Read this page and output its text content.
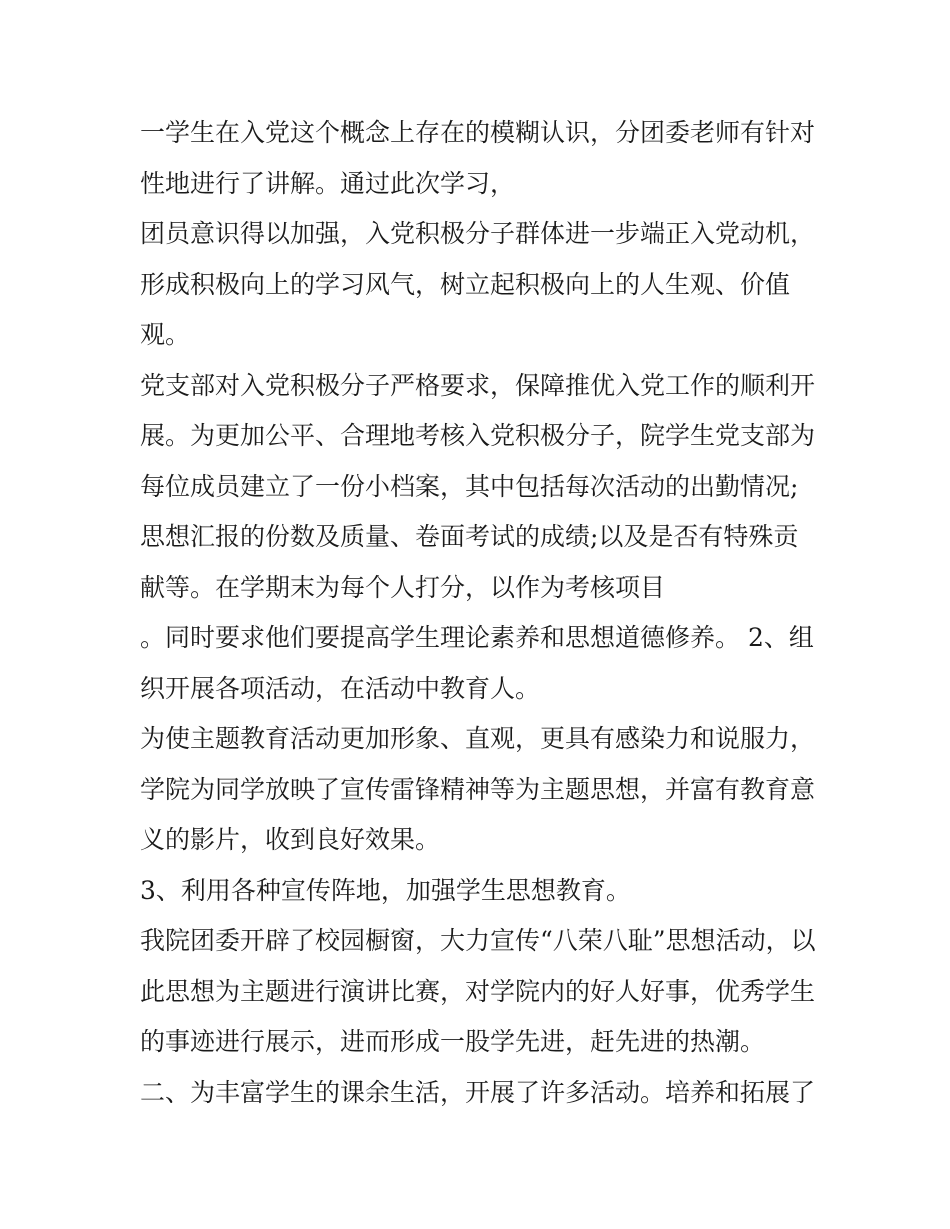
一学生在入党这个概念上存在的模糊认识，分团委老师有针对
性地进行了讲解。通过此次学习，
团员意识得以加强，入党积极分子群体进一步端正入党动机，
形成积极向上的学习风气，树立起积极向上的人生观、价值
观。
党支部对入党积极分子严格要求，保障推优入党工作的顺利开
展。为更加公平、合理地考核入党积极分子，院学生党支部为
每位成员建立了一份小档案，其中包括每次活动的出勤情况;
思想汇报的份数及质量、卷面考试的成绩;以及是否有特殊贡
献等。在学期末为每个人打分，以作为考核项目
。同时要求他们要提高学生理论素养和思想道德修养。 2、组
织开展各项活动，在活动中教育人。
为使主题教育活动更加形象、直观，更具有感染力和说服力，
学院为同学放映了宣传雷锋精神等为主题思想，并富有教育意
义的影片，收到良好效果。
3、利用各种宣传阵地，加强学生思想教育。
我院团委开辟了校园橱窗，大力宣传“八荣八耻”思想活动，以
此思想为主题进行演讲比赛，对学院内的好人好事，优秀学生
的事迹进行展示，进而形成一股学先进，赶先进的热潮。
二、为丰富学生的课余生活，开展了许多活动。培养和拓展了
